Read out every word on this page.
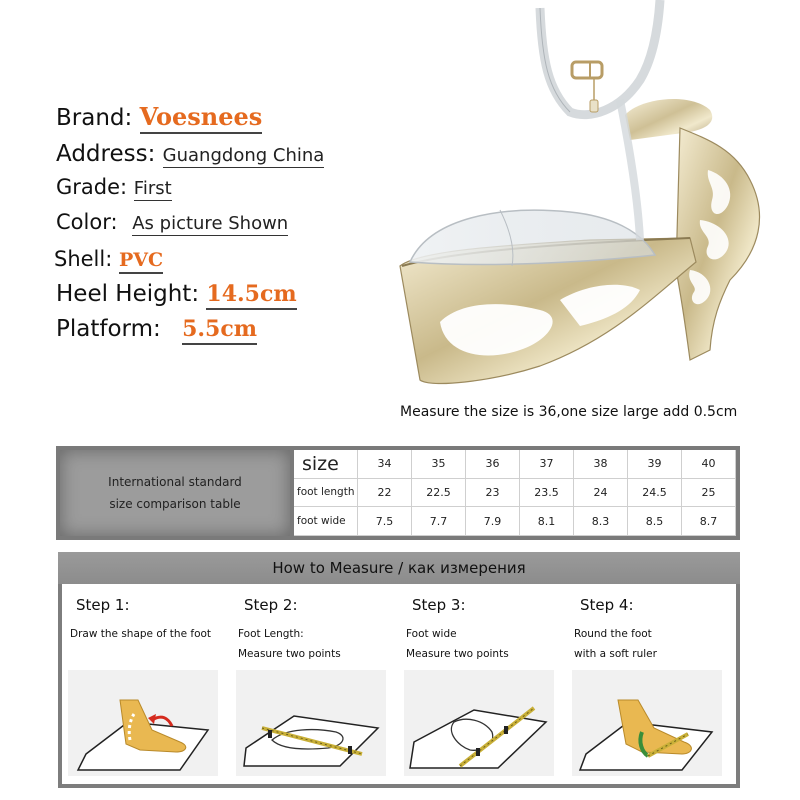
Brand: Voesnees
Address: Guangdong China
Grade: First
Color: As picture Shown
Shell: PVC
Heel Height: 14.5cm
Platform: 5.5cm
Measure the size is 36,one size large add 0.5cm
International standard
size comparison table
size	34	35	36	37	38	39	40
foot length	22	22.5	23	23.5	24	24.5	25
foot wide	7.5	7.7	7.9	8.1	8.3	8.5	8.7
How to Measure / как измерения
Step 1:
Draw the shape of the foot
Step 2:
Foot Length:
Measure two points
Step 3:
Foot wide
Measure two points
Step 4:
Round the foot
with a soft ruler
